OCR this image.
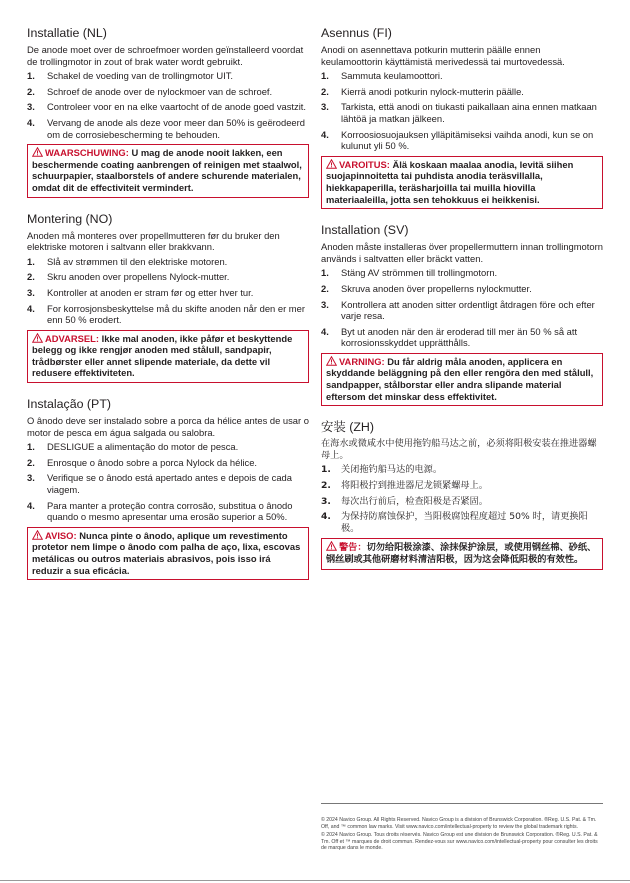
Installatie (NL)

De anode moet over de schroefmoer worden geïnstalleerd voordat de trollingmotor in zout of brak water wordt gebruikt.

1. Schakel de voeding van de trollingmotor UIT.
2. Schroef de anode over de nylockmoer van de schroef.
3. Controleer voor en na elke vaartocht of de anode goed vastzit.
4. Vervang de anode als deze voor meer dan 50% is geërodeerd om de corrosiebescherming te behouden.
WAARSCHUWING: U mag de anode nooit lakken, een beschermende coating aanbrengen of reinigen met staalwol, schuurpapier, staalborstels of andere schurende materialen, omdat dit de effectiviteit vermindert.
Montering (NO)

Anoden må monteres over propellmutteren før du bruker den elektriske motoren i saltvann eller brakkvann.

1. Slå av strømmen til den elektriske motoren.
2. Skru anoden over propellens Nylock-mutter.
3. Kontroller at anoden er stram før og etter hver tur.
4. For korrosjonsbeskyttelse må du skifte anoden når den er mer enn 50 % erodert.
ADVARSEL: Ikke mal anoden, ikke påfør et beskyttende belegg og ikke rengjør anoden med stålull, sandpapir, trådbørster eller annet slipende materiale, da dette vil redusere effektiviteten.
Instalação (PT)

O ânodo deve ser instalado sobre a porca da hélice antes de usar o motor de pesca em água salgada ou salobra.

1. DESLIGUE a alimentação do motor de pesca.
2. Enrosque o ânodo sobre a porca Nylock da hélice.
3. Verifique se o ânodo está apertado antes e depois de cada viagem.
4. Para manter a proteção contra corrosão, substitua o ânodo quando o mesmo apresentar uma erosão superior a 50%.
AVISO: Nunca pinte o ânodo, aplique um revestimento protetor nem limpe o ânodo com palha de aço, lixa, escovas metálicas ou outros materiais abrasivos, pois isso irá reduzir a sua eficácia.
Asennus (FI)

Anodi on asennettava potkurin mutterin päälle ennen keulamoottorin käyttämistä merivedessä tai murtovedessä.

1. Sammuta keulamoottori.
2. Kierrä anodi potkurin nylock-mutterin päälle.
3. Tarkista, että anodi on tiukasti paikallaan aina ennen matkaan lähtöä ja matkan jälkeen.
4. Korroosiosuojauksen ylläpitämiseksi vaihda anodi, kun se on kulunut yli 50 %.
VAROITUS: Älä koskaan maalaa anodia, levitä siihen suojapinnoitetta tai puhdista anodia teräsvillalla, hiekkapaperilla, teräsharjoilla tai muilla hiovilla materiaaleilla, jotta sen tehokkuus ei heikkenisi.
Installation (SV)

Anoden måste installeras över propellermuttern innan trollingmotorn används i saltvatten eller bräckt vatten.

1. Stäng AV strömmen till trollingmotorn.
2. Skruva anoden över propellerns nylockmutter.
3. Kontrollera att anoden sitter ordentligt åtdragen före och efter varje resa.
4. Byt ut anoden när den är eroderad till mer än 50 % så att korrosionsskyddet upprätthålls.
VARNING: Du får aldrig måla anoden, applicera en skyddande beläggning på den eller rengöra den med stålull, sandpapper, stålborstar eller andra slipande material eftersom det minskar dess effektivitet.
安装 (ZH)

在海水或微咸水中使用拖钓船马达之前，必须将阳极安装在推进器螺母上。

1. 关闭拖钓船马达的电源。
2. 将阳极拧到推进器尼龙锁紧螺母上。
3. 每次出行前后，检查阳极是否紧固。
4. 为保持防腐蚀保护，当阳极腐蚀程度超过 50% 时，请更换阳极。
警告：切勿给阳极涂漆、涂抹保护涂层，或使用钢丝棉、砂纸、钢丝刷或其他研磨材料清洁阳极，因为这会降低阳极的有效性。

© 2024 Navico Group. All Rights Reserved. Navico Group is a division of Brunswick Corporation. ®Reg. U.S. Pat. & Tm. Off, and ™ common law marks. Visit www.navico.com/intellectual-property to review the global trademark rights.

© 2024 Navico Group. Tous droits réservés. Navico Group est une division de Brunswick Corporation. ®Reg. U.S. Pat. & Tm. Off et ™ marques de droit commun. Rendez-vous sur www.navico.com/intellectual-property pour consulter les droits de marque dans le monde.
